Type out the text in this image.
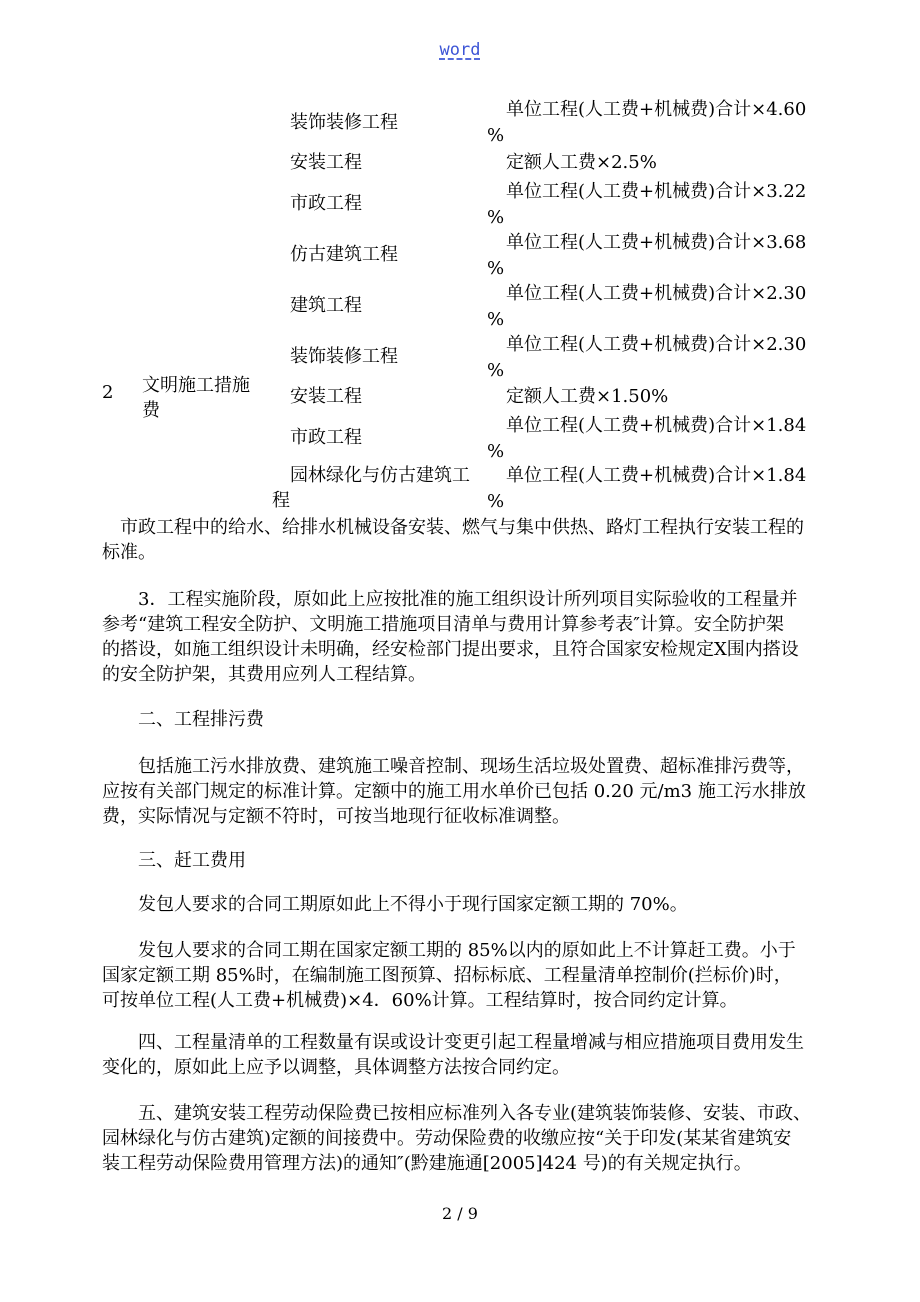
word
2 文明施工措施
费
装饰装修工程
单位工程(人工费+机械费)合计×4.60
%
安装工程	定额人工费×2.5%
市政工程
单位工程(人工费+机械费)合计×3.22
%
仿古建筑工程
单位工程(人工费+机械费)合计×3.68
%
建筑工程
单位工程(人工费+机械费)合计×2.30
%
装饰装修工程
单位工程(人工费+机械费)合计×2.30
%
安装工程	定额人工费×1.50%
市政工程
单位工程(人工费+机械费)合计×1.84
%
园林绿化与仿古建筑工
程
单位工程(人工费+机械费)合计×1.84
%
市政工程中的给水、给排水机械设备安装、燃气与集中供热、路灯工程执行安装工程的
标准。
3．工程实施阶段，原如此上应按批准的施工组织设计所列项目实际验收的工程量并
参考“建筑工程安全防护、文明施工措施项目清单与费用计算参考表″计算。安全防护架
的搭设，如施工组织设计未明确，经安检部门提出要求，且符合国家安检规定X围内搭设
的安全防护架，其费用应列人工程结算。
二、工程排污费
包括施工污水排放费、建筑施工噪音控制、现场生活垃圾处置费、超标准排污费等，
应按有关部门规定的标准计算。定额中的施工用水单价已包括 0.20 元/m3 施工污水排放
费，实际情况与定额不符时，可按当地现行征收标准调整。
三、赶工费用
发包人要求的合同工期原如此上不得小于现行国家定额工期的 70%。
发包人要求的合同工期在国家定额工期的 85%以内的原如此上不计算赶工费。小于
国家定额工期 85%时，在编制施工图预算、招标标底、工程量清单控制价(拦标价)时，
可按单位工程(人工费+机械费)×4．60%计算。工程结算时，按合同约定计算。
四、工程量清单的工程数量有误或设计变更引起工程量增减与相应措施项目费用发生
变化的，原如此上应予以调整，具体调整方法按合同约定。
五、建筑安装工程劳动保险费已按相应标准列入各专业(建筑装饰装修、安装、市政、
园林绿化与仿古建筑)定额的间接费中。劳动保险费的收缴应按“关于印发(某某省建筑安
装工程劳动保险费用管理方法)的通知″(黔建施通[2005]424 号)的有关规定执行。
2 / 9
